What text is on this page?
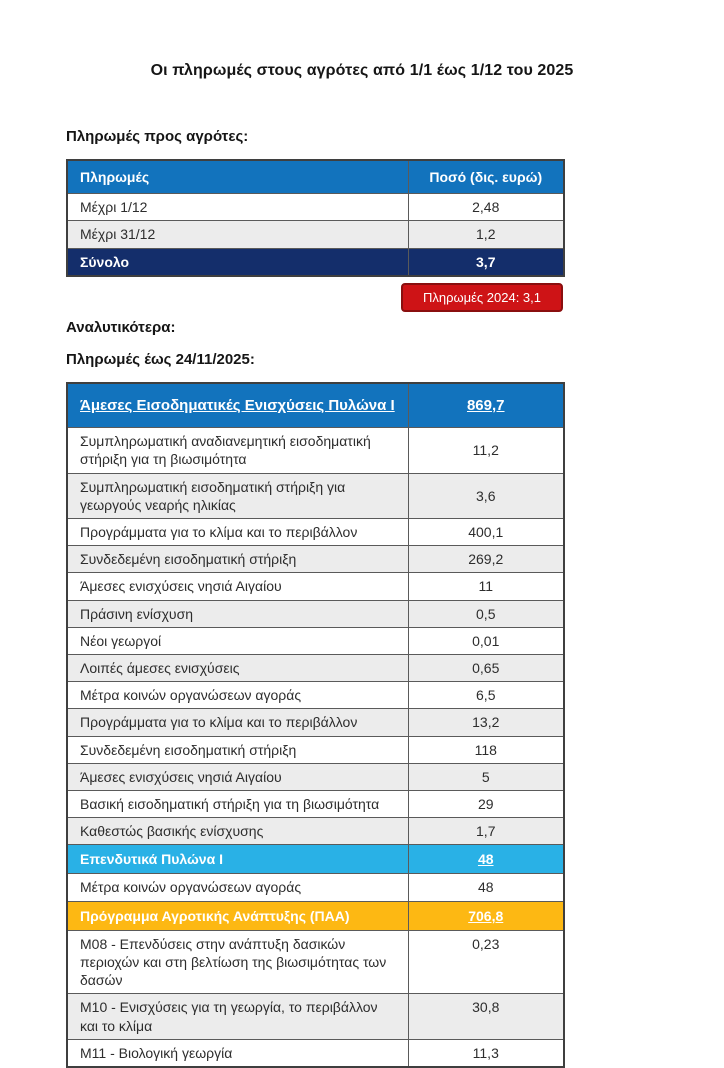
Οι πληρωμές στους αγρότες από 1/1 έως 1/12 του 2025
Πληρωμές προς αγρότες:
Πληρωμές	Ποσό (δις. ευρώ)
Μέχρι 1/12	2,48
Μέχρι 31/12	1,2
Σύνολο	3,7
Πληρωμές 2024: 3,1
Αναλυτικότερα:
Πληρωμές έως 24/11/2025:
Άμεσες Εισοδηματικές Ενισχύσεις Πυλώνα Ι	869,7
Συμπληρωματική αναδιανεμητική εισοδηματική στήριξη για τη βιωσιμότητα	11,2
Συμπληρωματική εισοδηματική στήριξη για γεωργούς νεαρής ηλικίας	3,6
Προγράμματα για το κλίμα και το περιβάλλον	400,1
Συνδεδεμένη εισοδηματική στήριξη	269,2
Άμεσες ενισχύσεις νησιά Αιγαίου	11
Πράσινη ενίσχυση	0,5
Νέοι γεωργοί	0,01
Λοιπές άμεσες ενισχύσεις	0,65
Μέτρα κοινών οργανώσεων αγοράς	6,5
Προγράμματα για το κλίμα και το περιβάλλον	13,2
Συνδεδεμένη εισοδηματική στήριξη	118
Άμεσες ενισχύσεις νησιά Αιγαίου	5
Βασική εισοδηματική στήριξη για τη βιωσιμότητα	29
Καθεστώς βασικής ενίσχυσης	1,7
Επενδυτικά Πυλώνα Ι	48
Μέτρα κοινών οργανώσεων αγοράς	48
Πρόγραμμα Αγροτικής Ανάπτυξης (ΠΑΑ)	706,8
M08 - Επενδύσεις στην ανάπτυξη δασικών περιοχών και στη βελτίωση της βιωσιμότητας των δασών	0,23
M10 - Ενισχύσεις για τη γεωργία, το περιβάλλον και το κλίμα	30,8
M11 - Βιολογική γεωργία	11,3
